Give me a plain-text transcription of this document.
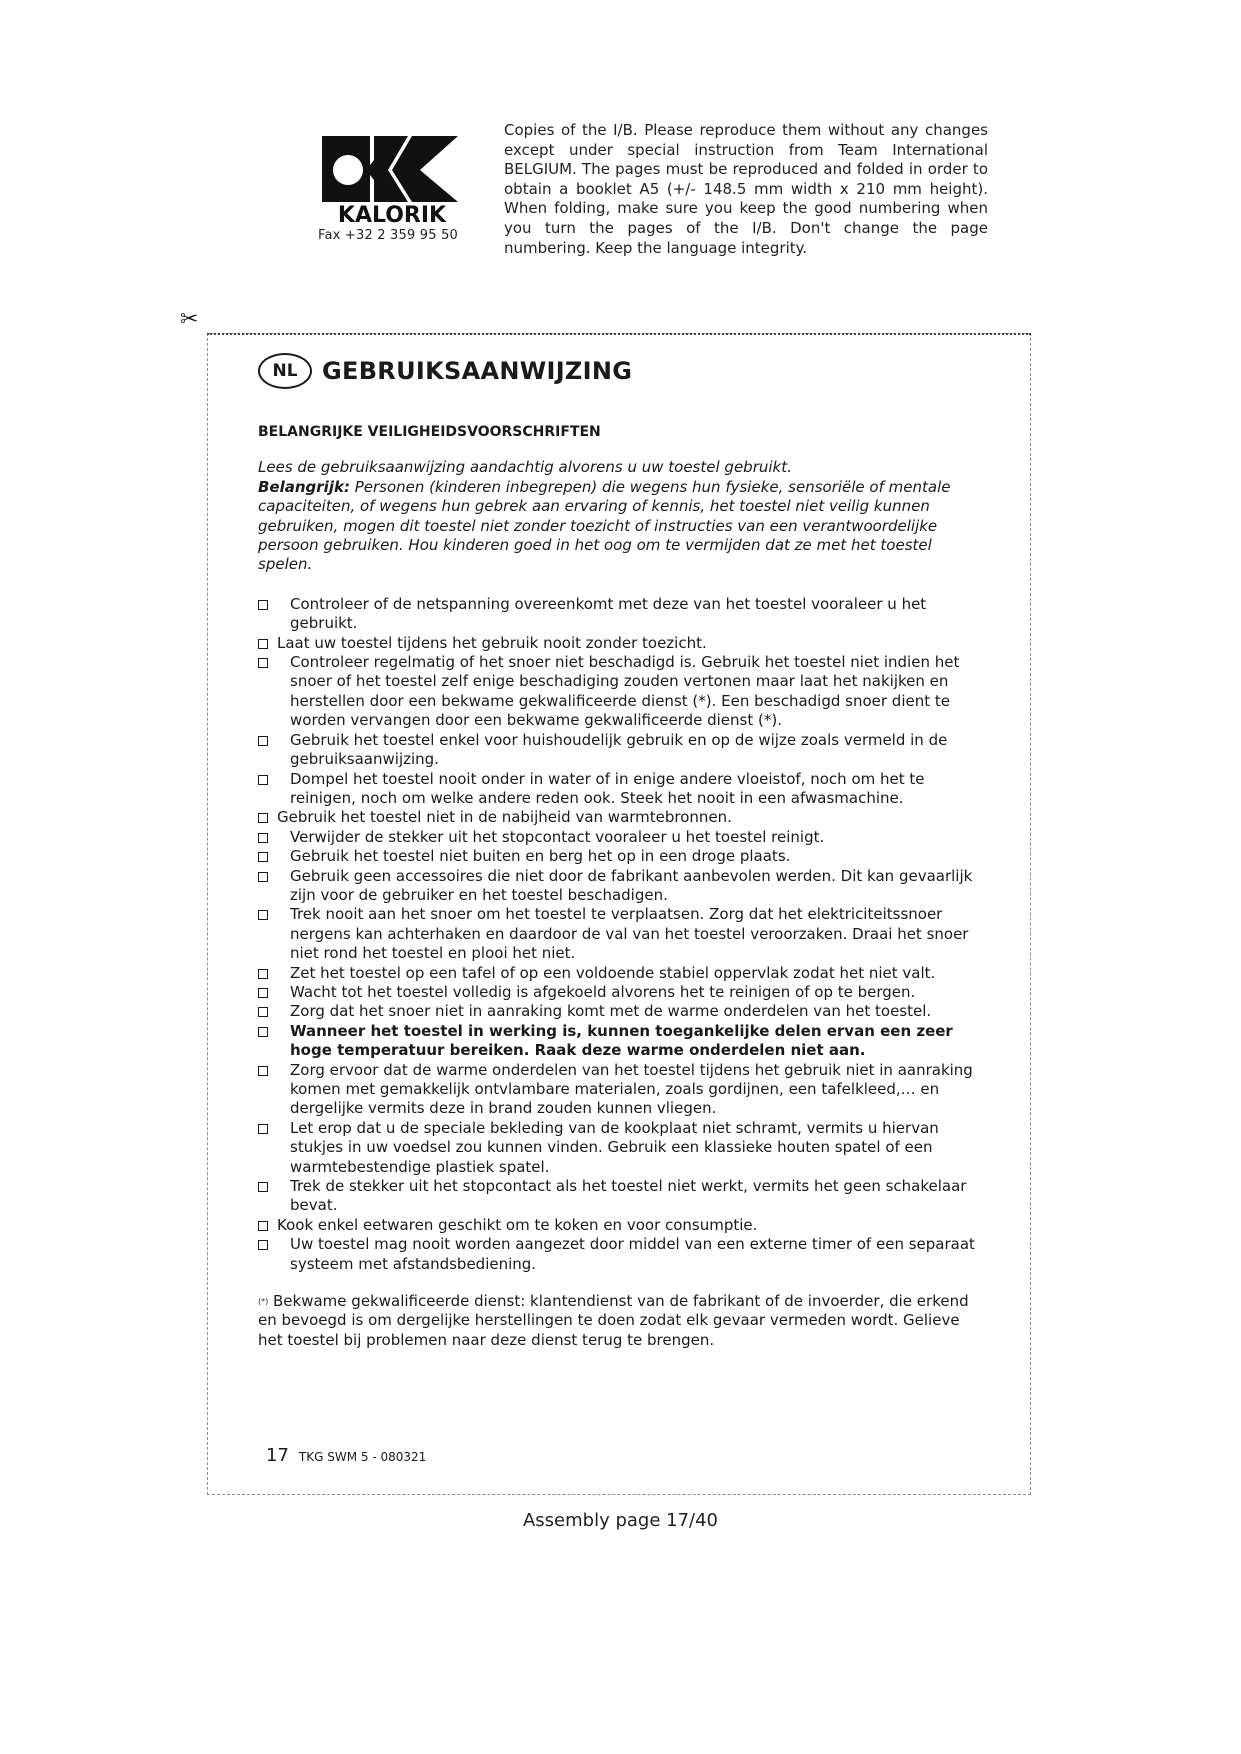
KALORIK
Fax +32 2 359 95 50
Copies of the I/B. Please reproduce them without any changes except under special instruction from Team International BELGIUM. The pages must be reproduced and folded in order to obtain a booklet A5 (+/- 148.5 mm width x 210 mm height). When folding, make sure you keep the good numbering when you turn the pages of the I/B. Don't change the page numbering. Keep the language integrity.
✂
NL	GEBRUIKSAANWIJZING
BELANGRIJKE VEILIGHEIDSVOORSCHRIFTEN

Lees de gebruiksaanwijzing aandachtig alvorens u uw toestel gebruikt.
Belangrijk: Personen (kinderen inbegrepen) die wegens hun fysieke, sensoriële of mentale capaciteiten, of wegens hun gebrek aan ervaring of kennis, het toestel niet veilig kunnen gebruiken, mogen dit toestel niet zonder toezicht of instructies van een verantwoordelijke persoon gebruiken. Hou kinderen goed in het oog om te vermijden dat ze met het toestel spelen.

Controleer of de netspanning overeenkomt met deze van het toestel vooraleer u het gebruikt.
Laat uw toestel tijdens het gebruik nooit zonder toezicht.
Controleer regelmatig of het snoer niet beschadigd is. Gebruik het toestel niet indien het snoer of het toestel zelf enige beschadiging zouden vertonen maar laat het nakijken en herstellen door een bekwame gekwalificeerde dienst (*). Een beschadigd snoer dient te worden vervangen door een bekwame gekwalificeerde dienst (*).
Gebruik het toestel enkel voor huishoudelijk gebruik en op de wijze zoals vermeld in de gebruiksaanwijzing.
Dompel het toestel nooit onder in water of in enige andere vloeistof, noch om het te reinigen, noch om welke andere reden ook. Steek het nooit in een afwasmachine.
Gebruik het toestel niet in de nabijheid van warmtebronnen.
Verwijder de stekker uit het stopcontact vooraleer u het toestel reinigt.
Gebruik het toestel niet buiten en berg het op in een droge plaats.
Gebruik geen accessoires die niet door de fabrikant aanbevolen werden. Dit kan gevaarlijk zijn voor de gebruiker en het toestel beschadigen.
Trek nooit aan het snoer om het toestel te verplaatsen. Zorg dat het elektriciteitssnoer nergens kan achterhaken en daardoor de val van het toestel veroorzaken. Draai het snoer niet rond het toestel en plooi het niet.
Zet het toestel op een tafel of op een voldoende stabiel oppervlak zodat het niet valt.
Wacht tot het toestel volledig is afgekoeld alvorens het te reinigen of op te bergen.
Zorg dat het snoer niet in aanraking komt met de warme onderdelen van het toestel.
Wanneer het toestel in werking is, kunnen toegankelijke delen ervan een zeer hoge temperatuur bereiken. Raak deze warme onderdelen niet aan.
Zorg ervoor dat de warme onderdelen van het toestel tijdens het gebruik niet in aanraking komen met gemakkelijk ontvlambare materialen, zoals gordijnen, een tafelkleed,… en dergelijke vermits deze in brand zouden kunnen vliegen.
Let erop dat u de speciale bekleding van de kookplaat niet schramt, vermits u hiervan stukjes in uw voedsel zou kunnen vinden. Gebruik een klassieke houten spatel of een warmtebestendige plastiek spatel.
Trek de stekker uit het stopcontact als het toestel niet werkt, vermits het geen schakelaar bevat.
Kook enkel eetwaren geschikt om te koken en voor consumptie.
Uw toestel mag nooit worden aangezet door middel van een externe timer of een separaat systeem met afstandsbediening.
(*) Bekwame gekwalificeerde dienst: klantendienst van de fabrikant of de invoerder, die erkend en bevoegd is om dergelijke herstellingen te doen zodat elk gevaar vermeden wordt. Gelieve het toestel bij problemen naar deze dienst terug te brengen.
17 TKG SWM 5 - 080321
Assembly page 17/40
